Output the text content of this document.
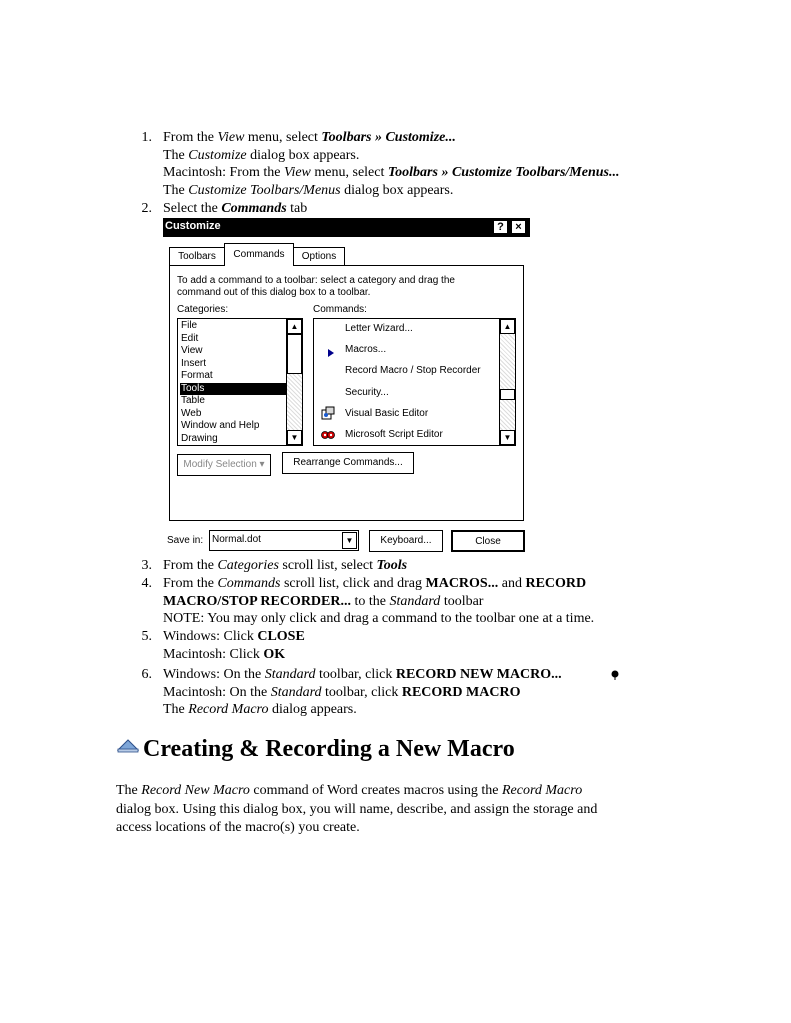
1. From the View menu, select Toolbars » Customize...
The Customize dialog box appears.
Macintosh: From the View menu, select Toolbars » Customize Toolbars/Menus...
The Customize Toolbars/Menus dialog box appears.
2. Select the Commands tab
3. From the Categories scroll list, select Tools
4. From the Commands scroll list, click and drag MACROS... and RECORD
MACRO/STOP RECORDER... to the Standard toolbar
NOTE: You may only click and drag a command to the toolbar one at a time.
5. Windows: Click CLOSE
Macintosh: Click OK
6. Windows: On the Standard toolbar, click RECORD NEW MACRO...
Macintosh: On the Standard toolbar, click RECORD MACRO
The Record Macro dialog appears.
Customize	?	×
Toolbars	Commands	Options
To add a command to a toolbar: select a category and drag the command out of this dialog box to a toolbar.
Categories:	Commands:
File
Edit
View
Insert
Format
Tools
Table
Web
Window and Help
Drawing
▲
▼
Letter Wizard...
Macros...
Record Macro / Stop Recorder
Security...
Visual Basic Editor
Microsoft Script Editor
▲
▼
Modify Selection ▾	Rearrange Commands...
Save in: Normal.dot	▼	Keyboard...	Close
Creating & Recording a New Macro
The Record New Macro command of Word creates macros using the Record Macro
dialog box. Using this dialog box, you will name, describe, and assign the storage and
access locations of the macro(s) you create.
